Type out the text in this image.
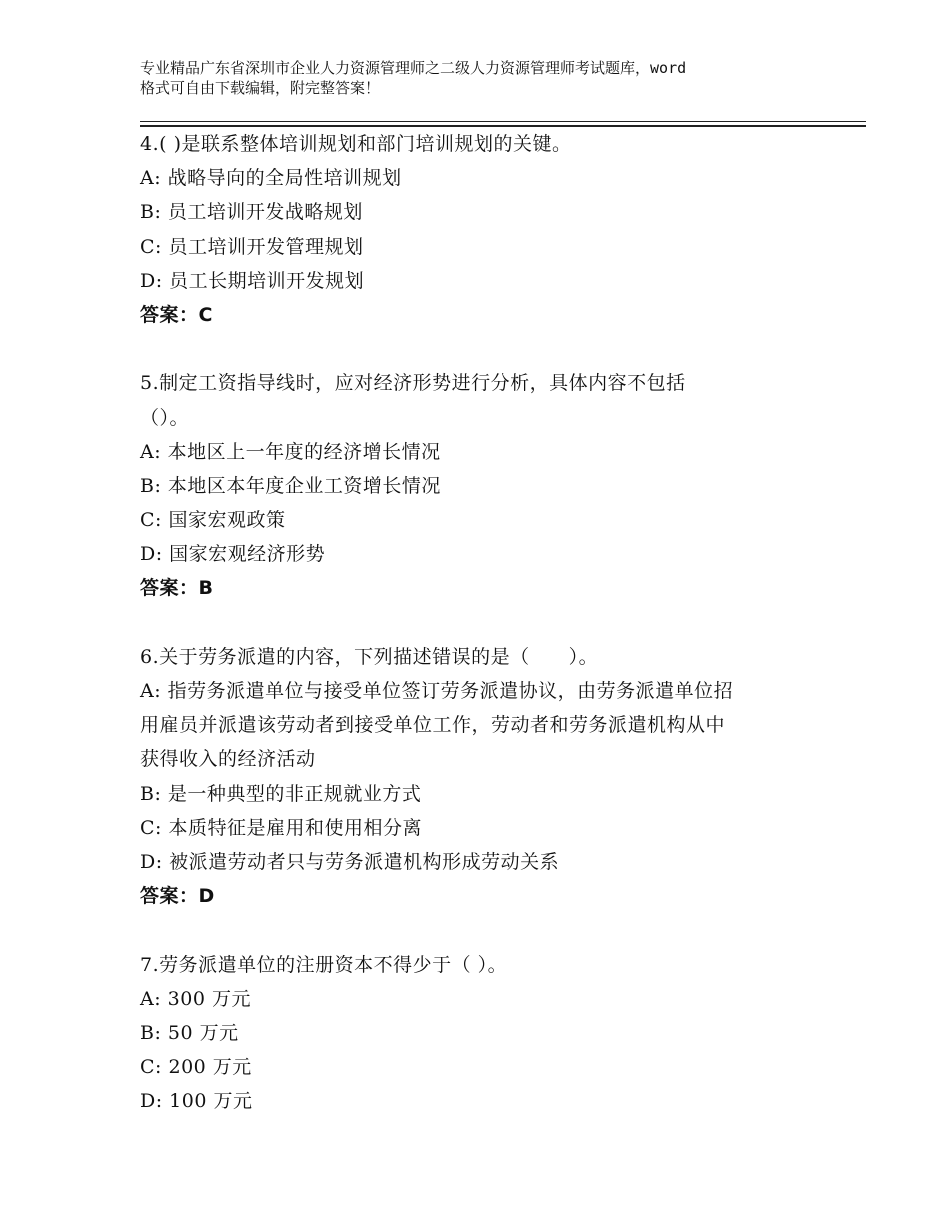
专业精品广东省深圳市企业人力资源管理师之二级人力资源管理师考试题库，word
格式可自由下载编辑，附完整答案！
4.( )是联系整体培训规划和部门培训规划的关键。
A: 战略导向的全局性培训规划
B: 员工培训开发战略规划
C: 员工培训开发管理规划
D: 员工长期培训开发规划
答案：C
5.制定工资指导线时，应对经济形势进行分析，具体内容不包括
（）。
A: 本地区上一年度的经济增长情况
B: 本地区本年度企业工资增长情况
C: 国家宏观政策
D: 国家宏观经济形势
答案：B
6.关于劳务派遣的内容，下列描述错误的是（　　）。
A: 指劳务派遣单位与接受单位签订劳务派遣协议，由劳务派遣单位招
用雇员并派遣该劳动者到接受单位工作，劳动者和劳务派遣机构从中
获得收入的经济活动
B: 是一种典型的非正规就业方式
C: 本质特征是雇用和使用相分离
D: 被派遣劳动者只与劳务派遣机构形成劳动关系
答案：D
7.劳务派遣单位的注册资本不得少于（ ）。
A: 300 万元
B: 50 万元
C: 200 万元
D: 100 万元
